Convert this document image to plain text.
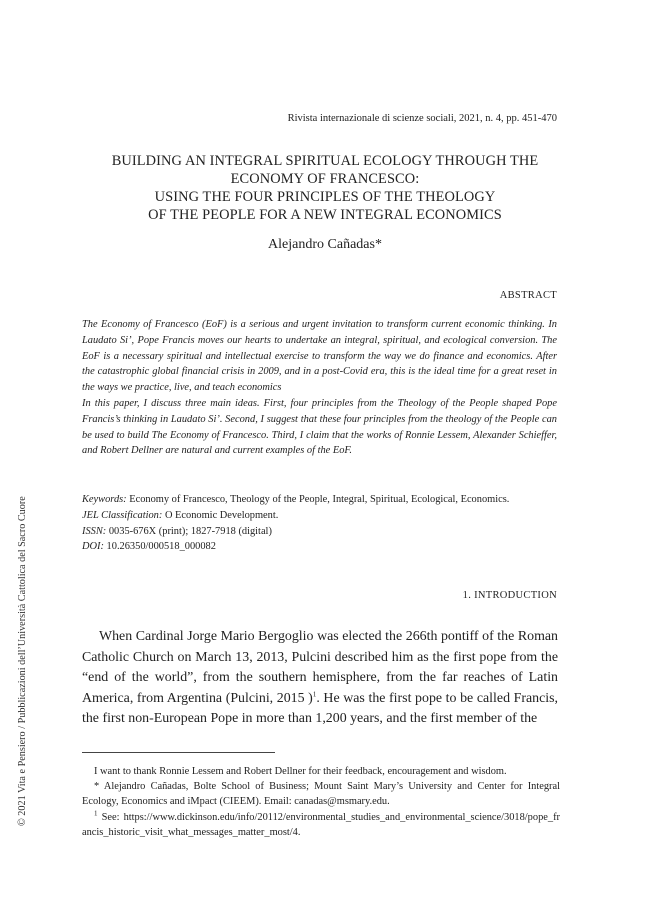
Rivista internazionale di scienze sociali, 2021, n. 4, pp. 451-470
BUILDING AN INTEGRAL SPIRITUAL ECOLOGY THROUGH THE
ECONOMY OF FRANCESCO:
USING THE FOUR PRINCIPLES OF THE THEOLOGY
OF THE PEOPLE FOR A NEW INTEGRAL ECONOMICS
Alejandro Cañadas*
ABSTRACT

The Economy of Francesco (EoF) is a serious and urgent invitation to transform current economic thinking. In Laudato Si’, Pope Francis moves our hearts to undertake an integral, spiritual, and ecological conversion. The EoF is a necessary spiritual and intellectual exercise to transform the way we do finance and economics. After the catastrophic global financial crisis in 2009, and in a post-Covid era, this is the ideal time for a great reset in the ways we practice, live, and teach economics

In this paper, I discuss three main ideas. First, four principles from the Theology of the People shaped Pope Francis’s thinking in Laudato Si’. Second, I suggest that these four principles from the theology of the People can be used to build The Economy of Francesco. Third, I claim that the works of Ronnie Lessem, Alexander Schieffer, and Robert Dellner are natural and current examples of the EoF.

Keywords: Economy of Francesco, Theology of the People, Integral, Spiritual, Ecological, Economics.
JEL Classification: O Economic Development.
ISSN: 0035-676X (print); 1827-7918 (digital)
DOI: 10.26350/000518_000082
1. INTRODUCTION

When Cardinal Jorge Mario Bergoglio was elected the 266th pontiff of the Roman Catholic Church on March 13, 2013, Pulcini described him as the first pope from the “end of the world”, from the southern hemisphere, from the far reaches of Latin America, from Argentina (Pulcini, 2015 )$^1$. He was the first pope to be called Francis, the first non-European Pope in more than 1,200 years, and the first member of the

I want to thank Ronnie Lessem and Robert Dellner for their feedback, encouragement and wisdom.

* Alejandro Cañadas, Bolte School of Business; Mount Saint Mary’s University and Center for Integral Ecology, Economics and iMpact (CIEEM). Email: canadas@msmary.edu.

$^1$ See: https://www.dickinson.edu/info/20112/environmental_studies_and_environmental_science/3018/pope_francis_historic_visit_what_messages_matter_most/4.

© 2021 Vita e Pensiero / Pubblicazioni dell’Università Cattolica del Sacro Cuore
